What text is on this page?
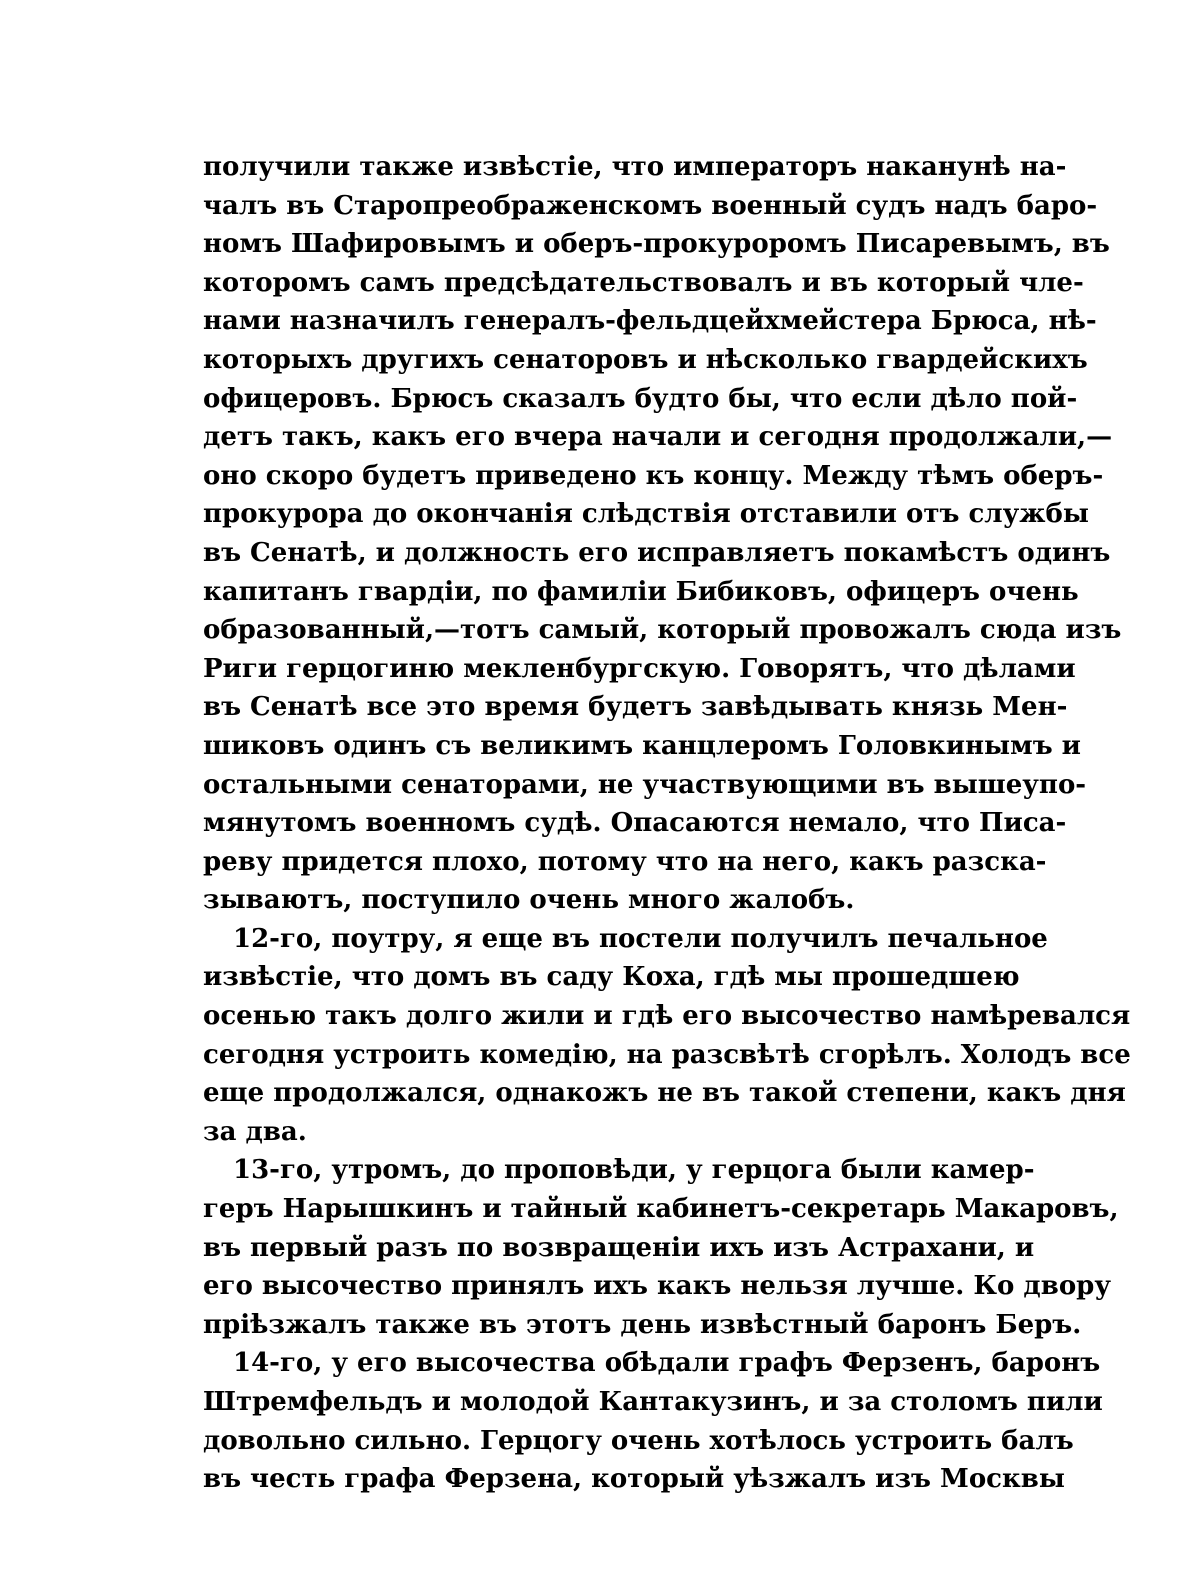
получили также извѣстіе, что императоръ наканунѣ на-
чалъ въ Старопреображенскомъ военный судъ надъ баро-
номъ Шафировымъ и оберъ-прокуроромъ Писаревымъ, въ
которомъ самъ предсѣдательствовалъ и въ который чле-
нами назначилъ генералъ-фельдцейхмейстера Брюса, нѣ-
которыхъ другихъ сенаторовъ и нѣсколько гвардейскихъ
офицеровъ. Брюсъ сказалъ будто бы, что если дѣло пой-
детъ такъ, какъ его вчера начали и сегодня продолжали,—
оно скоро будетъ приведено къ концу. Между тѣмъ оберъ-
прокурора до окончанія слѣдствія отставили отъ службы
въ Сенатѣ, и должность его исправляетъ покамѣстъ одинъ
капитанъ гвардіи, по фамиліи Бибиковъ, офицеръ очень
образованный,—тотъ самый, который провожалъ сюда изъ
Риги герцогиню мекленбургскую. Говорятъ, что дѣлами
въ Сенатѣ все это время будетъ завѣдывать князь Мен-
шиковъ одинъ съ великимъ канцлеромъ Головкинымъ и
остальными сенаторами, не участвующими въ вышеупо-
мянутомъ военномъ судѣ. Опасаются немало, что Писа-
реву придется плохо, потому что на него, какъ разска-
зываютъ, поступило очень много жалобъ.
12-го, поутру, я еще въ постели получилъ печальное
извѣстіе, что домъ въ саду Коха, гдѣ мы прошедшею
осенью такъ долго жили и гдѣ его высочество намѣревался
сегодня устроить комедію, на разсвѣтѣ сгорѣлъ. Холодъ все
еще продолжался, однакожъ не въ такой степени, какъ дня
за два.
13-го, утромъ, до проповѣди, у герцога были камер-
геръ Нарышкинъ и тайный кабинетъ-секретарь Макаровъ,
въ первый разъ по возвращеніи ихъ изъ Астрахани, и
его высочество принялъ ихъ какъ нельзя лучше. Ко двору
пріѣзжалъ также въ этотъ день извѣстный баронъ Беръ.
14-го, у его высочества обѣдали графъ Ферзенъ, баронъ
Штремфельдъ и молодой Кантакузинъ, и за столомъ пили
довольно сильно. Герцогу очень хотѣлось устроить балъ
въ честь графа Ферзена, который уѣзжалъ изъ Москвы
